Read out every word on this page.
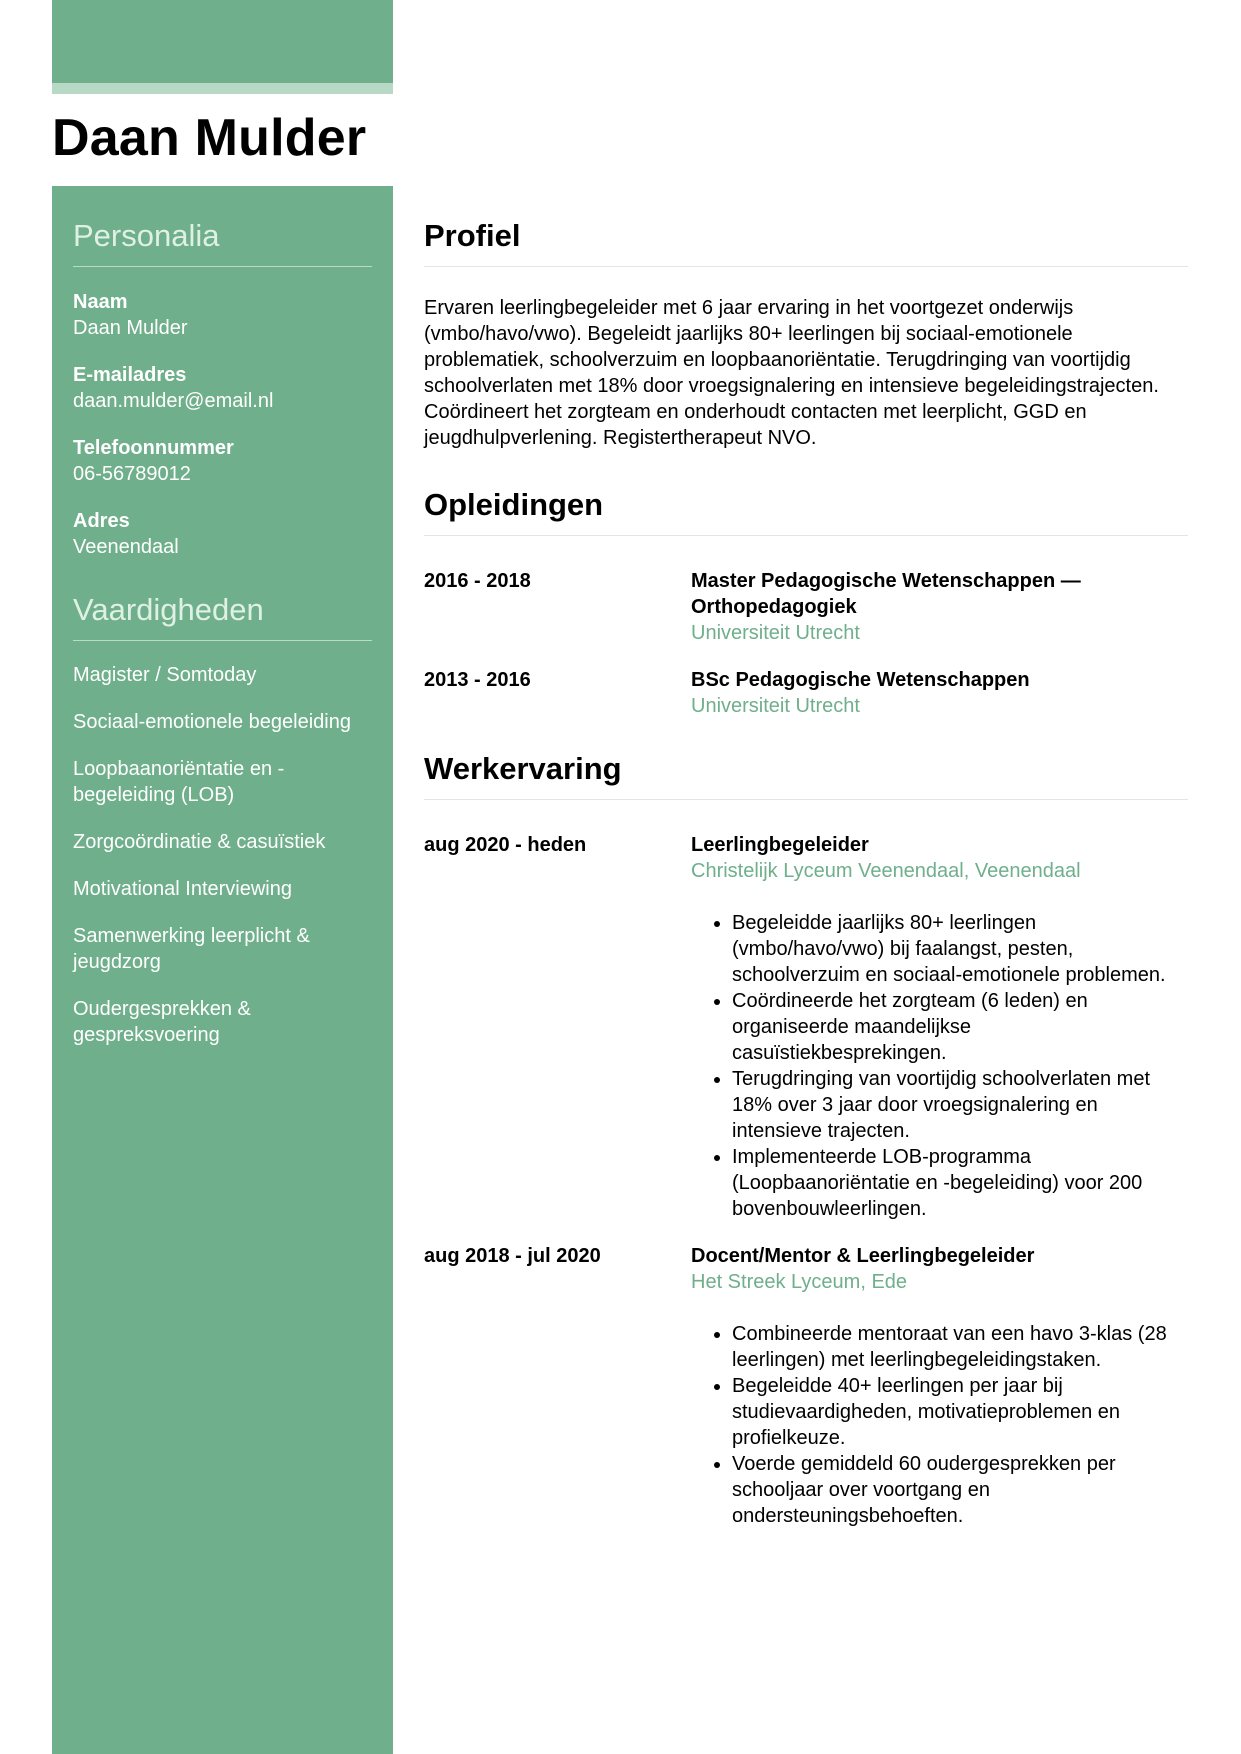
Daan Mulder
Personalia
Naam
Daan Mulder
E-mailadres
daan.mulder@email.nl
Telefoonnummer
06-56789012
Adres
Veenendaal
Vaardigheden
Magister / Somtoday
Sociaal-emotionele begeleiding
Loopbaanoriëntatie en -begeleiding (LOB)
Zorgcoördinatie & casuïstiek
Motivational Interviewing
Samenwerking leerplicht & jeugdzorg
Oudergesprekken & gespreksvoering
Profiel
Ervaren leerlingbegeleider met 6 jaar ervaring in het voortgezet onderwijs (vmbo/havo/vwo). Begeleidt jaarlijks 80+ leerlingen bij sociaal-emotionele problematiek, schoolverzuim en loopbaanoriëntatie. Terugdringing van voortijdig schoolverlaten met 18% door vroegsignalering en intensieve begeleidingstrajecten. Coördineert het zorgteam en onderhoudt contacten met leerplicht, GGD en jeugdhulpverlening. Registertherapeut NVO.
Opleidingen
2016 - 2018	Master Pedagogische Wetenschappen — Orthopedagogiek
Universiteit Utrecht
2013 - 2016	BSc Pedagogische Wetenschappen
Universiteit Utrecht
Werkervaring
aug 2020 - heden	Leerlingbegeleider
Christelijk Lyceum Veenendaal, Veenendaal
• Begeleidde jaarlijks 80+ leerlingen (vmbo/havo/vwo) bij faalangst, pesten, schoolverzuim en sociaal-emotionele problemen.
• Coördineerde het zorgteam (6 leden) en organiseerde maandelijkse casuïstiekbesprekingen.
• Terugdringing van voortijdig schoolverlaten met 18% over 3 jaar door vroegsignalering en intensieve trajecten.
• Implementeerde LOB-programma (Loopbaanoriëntatie en -begeleiding) voor 200 bovenbouwleerlingen.
aug 2018 - jul 2020	Docent/Mentor & Leerlingbegeleider
Het Streek Lyceum, Ede
• Combineerde mentoraat van een havo 3-klas (28 leerlingen) met leerlingbegeleidingstaken.
• Begeleidde 40+ leerlingen per jaar bij studievaardigheden, motivatieproblemen en profielkeuze.
• Voerde gemiddeld 60 oudergesprekken per schooljaar over voortgang en ondersteuningsbehoeften.
